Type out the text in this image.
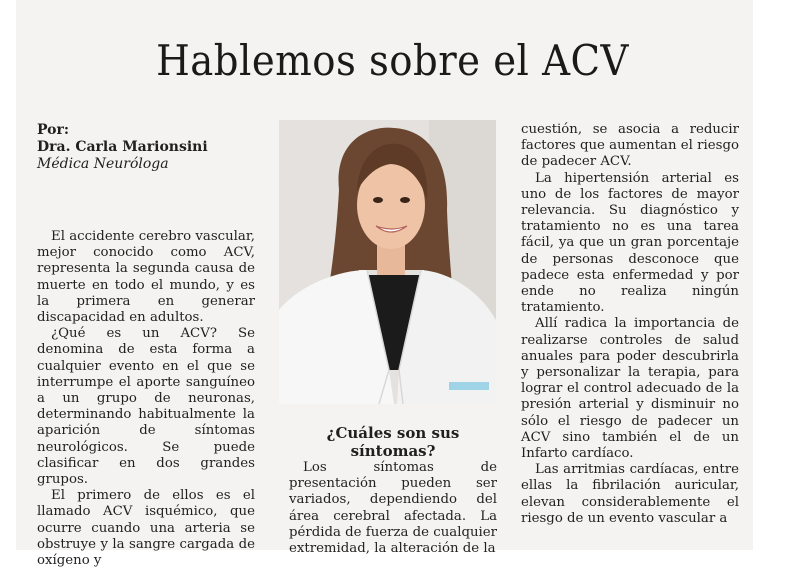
Hablemos sobre el ACV
Por:
Dra. Carla Marionsini
Médica Neuróloga

El accidente cerebro vascular, mejor conocido como ACV, representa la segunda causa de muerte en todo el mundo, y es la primera en generar discapacidad en adultos.

¿Qué es un ACV? Se denomina de esta forma a cualquier evento en el que se interrumpe el aporte sanguíneo a un grupo de neuronas, determinando habitualmente la aparición de síntomas neurológicos. Se puede clasificar en dos grandes grupos.

El primero de ellos es el llamado ACV isquémico, que ocurre cuando una arteria se obstruye y la sangre cargada de oxígeno y

¿Cuáles son sus síntomas?

Los síntomas de presentación pueden ser variados, dependiendo del área cerebral afectada. La pérdida de fuerza de cualquier extremidad, la alteración de la

cuestión, se asocia a reducir factores que aumentan el riesgo de padecer ACV.

La hipertensión arterial es uno de los factores de mayor relevancia. Su diagnóstico y tratamiento no es una tarea fácil, ya que un gran porcentaje de personas desconoce que padece esta enfermedad y por ende no realiza ningún tratamiento.

Allí radica la importancia de realizarse controles de salud anuales para poder descubrirla y personalizar la terapia, para lograr el control adecuado de la presión arterial y disminuir no sólo el riesgo de padecer un ACV sino también el de un Infarto cardíaco.

Las arritmias cardíacas, entre ellas la fibrilación auricular, elevan considerablemente el riesgo de un evento vascular a
